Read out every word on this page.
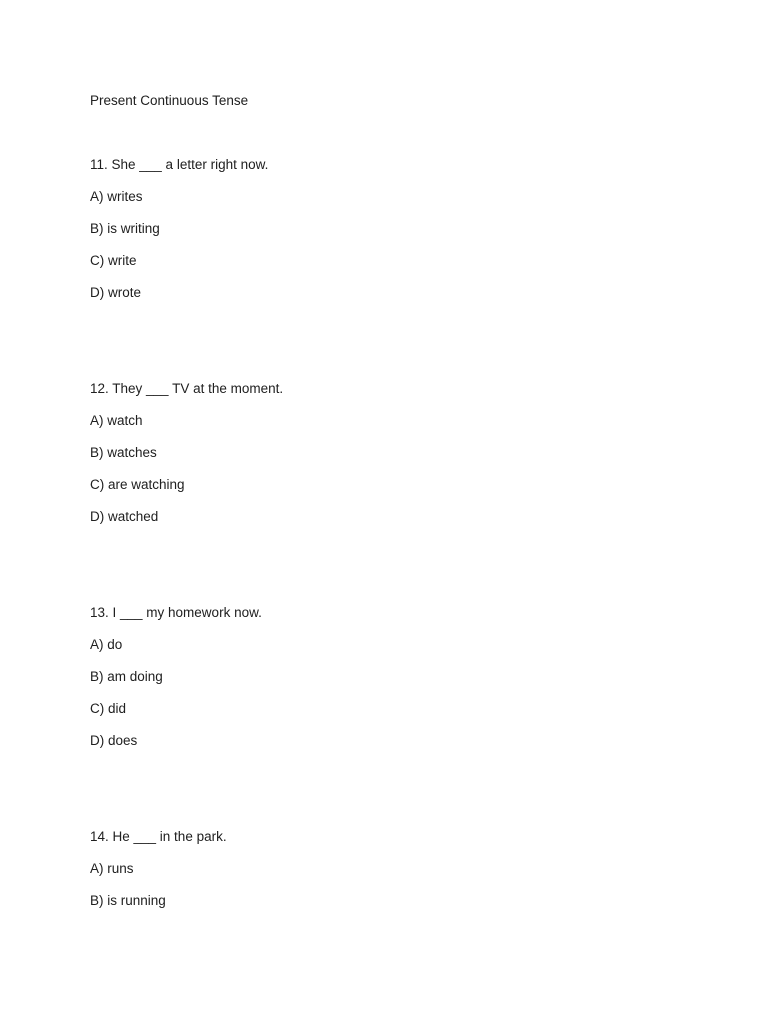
Present Continuous Tense

11. She ___ a letter right now.

A) writes
B) is writing
C) write
D) wrote

12. They ___ TV at the moment.

A) watch
B) watches
C) are watching
D) watched

13. I ___ my homework now.

A) do
B) am doing
C) did
D) does

14. He ___ in the park.

A) runs
B) is running
